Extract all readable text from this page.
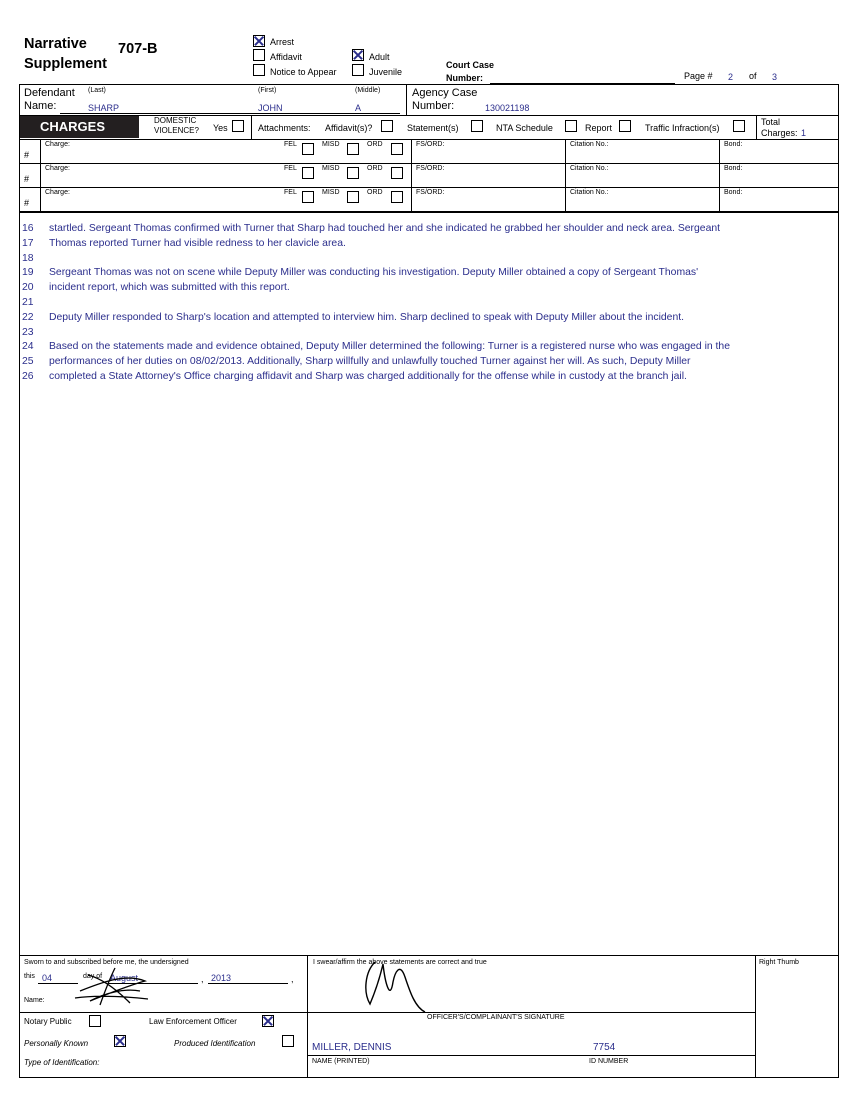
Narrative
Supplement
707-B	Arrest
Affidavit
Notice to Appear
Adult
Juvenile
Court Case
Number:	Page # 2 of 3
Defendant
Name:
(Last)	(First)	(Middle)
SHARP	JOHN	A
Agency Case
Number:	130021198
CHARGES	DOMESTIC
VIOLENCE? Yes	Attachments: Affidavit(s)?	Statement(s)	NTA Schedule	Report	Traffic Infraction(s)
Total
Charges: 1
#
Charge:	FEL	MISD	ORD	FS/ORD:	Citation No.:	Bond:
#
Charge:	FEL	MISD	ORD	FS/ORD:	Citation No.:	Bond:
#
Charge:	FEL	MISD	ORD	FS/ORD:	Citation No.:	Bond:
16	startled. Sergeant Thomas confirmed with Turner that Sharp had touched her and she indicated he grabbed her shoulder and neck area. Sergeant
17	Thomas reported Turner had visible redness to her clavicle area.
18
19	Sergeant Thomas was not on scene while Deputy Miller was conducting his investigation. Deputy Miller obtained a copy of Sergeant Thomas'
20	incident report, which was submitted with this report.
21
22	Deputy Miller responded to Sharp's location and attempted to interview him. Sharp declined to speak with Deputy Miller about the incident.
23
24	Based on the statements made and evidence obtained, Deputy Miller determined the following: Turner is a registered nurse who was engaged in the
25	performances of her duties on 08/02/2013. Additionally, Sharp willfully and unlawfully touched Turner against her will. As such, Deputy Miller
26	completed a State Attorney's Office charging affidavit and Sharp was charged additionally for the offense while in custody at the branch jail.
Sworn to and subscribed before me, the undersigned
this 04	day of August	, 2013	,
Name:
Notary Public	Law Enforcement Officer
Personally Known	Produced Identification
Type of Identification:
I swear/affirm the above statements are correct and true
OFFICER'S/COMPLAINANT'S SIGNATURE
MILLER, DENNIS	7754
NAME (PRINTED)	ID NUMBER
Right Thumb
